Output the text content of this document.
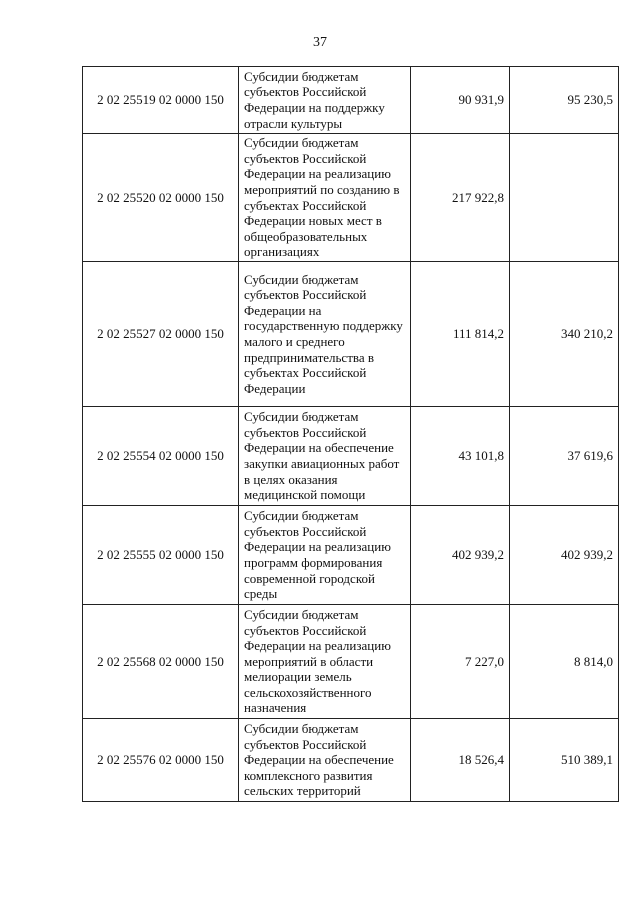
37
2 02 25519 02 0000 150	Субсидии бюджетам субъектов Российской Федерации на поддержку отрасли культуры	90 931,9	95 230,5
2 02 25520 02 0000 150	Субсидии бюджетам субъектов Российской Федерации на реализацию мероприятий по созданию в субъектах Российской Федерации новых мест в общеобразовательных организациях	217 922,8	
2 02 25527 02 0000 150	Субсидии бюджетам субъектов Российской Федерации на государственную поддержку малого и среднего предпринимательства в субъектах Российской Федерации	111 814,2	340 210,2
2 02 25554 02 0000 150	Субсидии бюджетам субъектов Российской Федерации на обеспечение закупки авиационных работ в целях оказания медицинской помощи	43 101,8	37 619,6
2 02 25555 02 0000 150	Субсидии бюджетам субъектов Российской Федерации на реализацию программ формирования современной городской среды	402 939,2	402 939,2
2 02 25568 02 0000 150	Субсидии бюджетам субъектов Российской Федерации на реализацию мероприятий в области мелиорации земель сельскохозяйственного назначения	7 227,0	8 814,0
2 02 25576 02 0000 150	Субсидии бюджетам субъектов Российской Федерации на обеспечение комплексного развития сельских территорий	18 526,4	510 389,1
